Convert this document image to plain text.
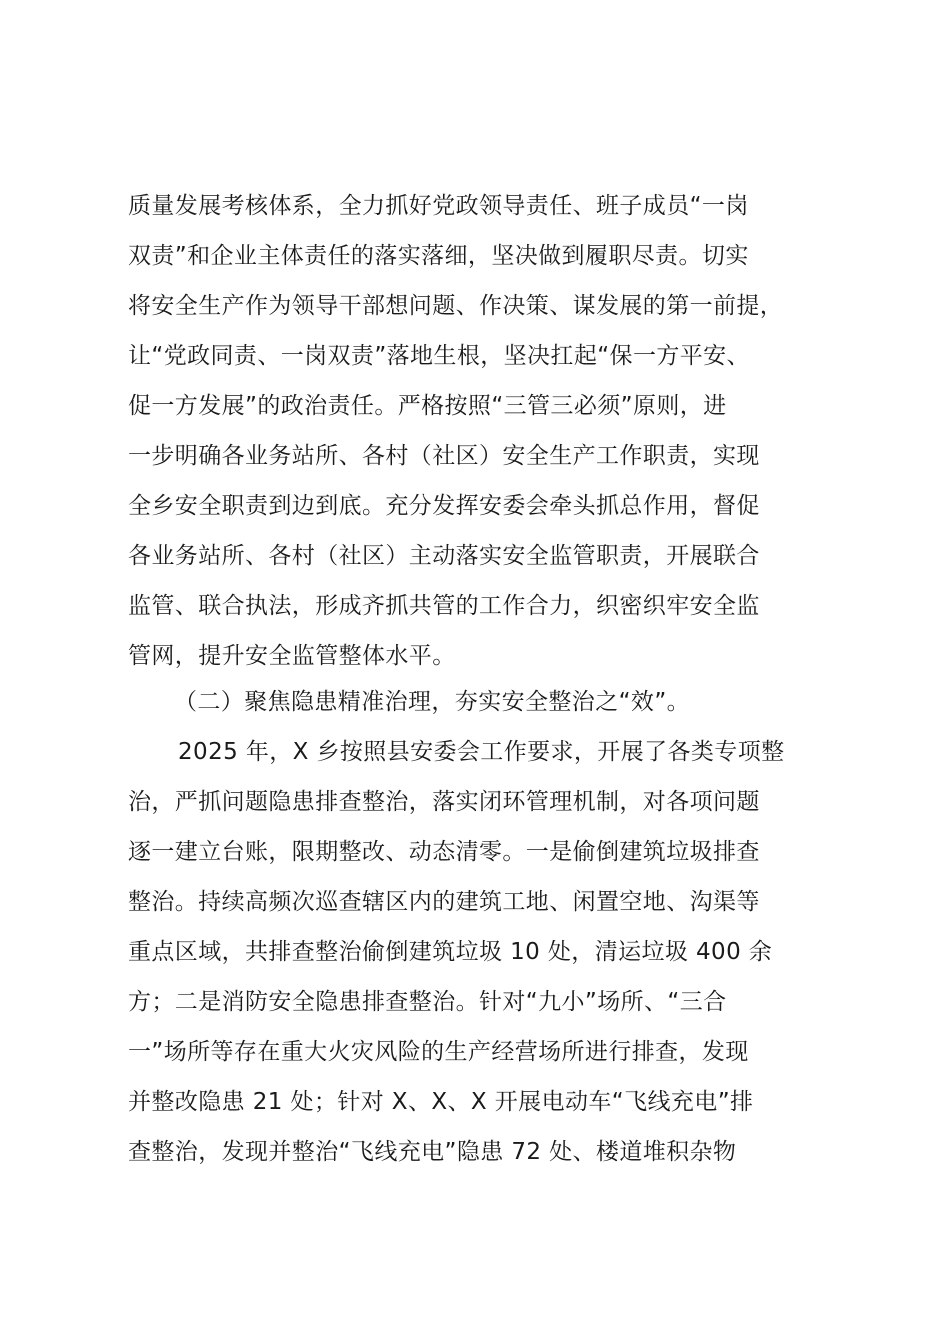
质量发展考核体系，全力抓好党政领导责任、班子成员“一岗
双责”和企业主体责任的落实落细，坚决做到履职尽责。切实
将安全生产作为领导干部想问题、作决策、谋发展的第一前提，
让“党政同责、一岗双责”落地生根，坚决扛起“保一方平安、
促一方发展”的政治责任。严格按照“三管三必须”原则，进
一步明确各业务站所、各村（社区）安全生产工作职责，实现
全乡安全职责到边到底。充分发挥安委会牵头抓总作用，督促
各业务站所、各村（社区）主动落实安全监管职责，开展联合
监管、联合执法，形成齐抓共管的工作合力，织密织牢安全监
管网，提升安全监管整体水平。
（二）聚焦隐患精准治理，夯实安全整治之“效”。
2025 年，X 乡按照县安委会工作要求，开展了各类专项整
治，严抓问题隐患排查整治，落实闭环管理机制，对各项问题
逐一建立台账，限期整改、动态清零。一是偷倒建筑垃圾排查
整治。持续高频次巡查辖区内的建筑工地、闲置空地、沟渠等
重点区域，共排查整治偷倒建筑垃圾 10 处，清运垃圾 400 余
方；二是消防安全隐患排查整治。针对“九小”场所、“三合
一”场所等存在重大火灾风险的生产经营场所进行排查，发现
并整改隐患 21 处；针对 X、X、X 开展电动车“飞线充电”排
查整治，发现并整治“飞线充电”隐患 72 处、楼道堆积杂物
